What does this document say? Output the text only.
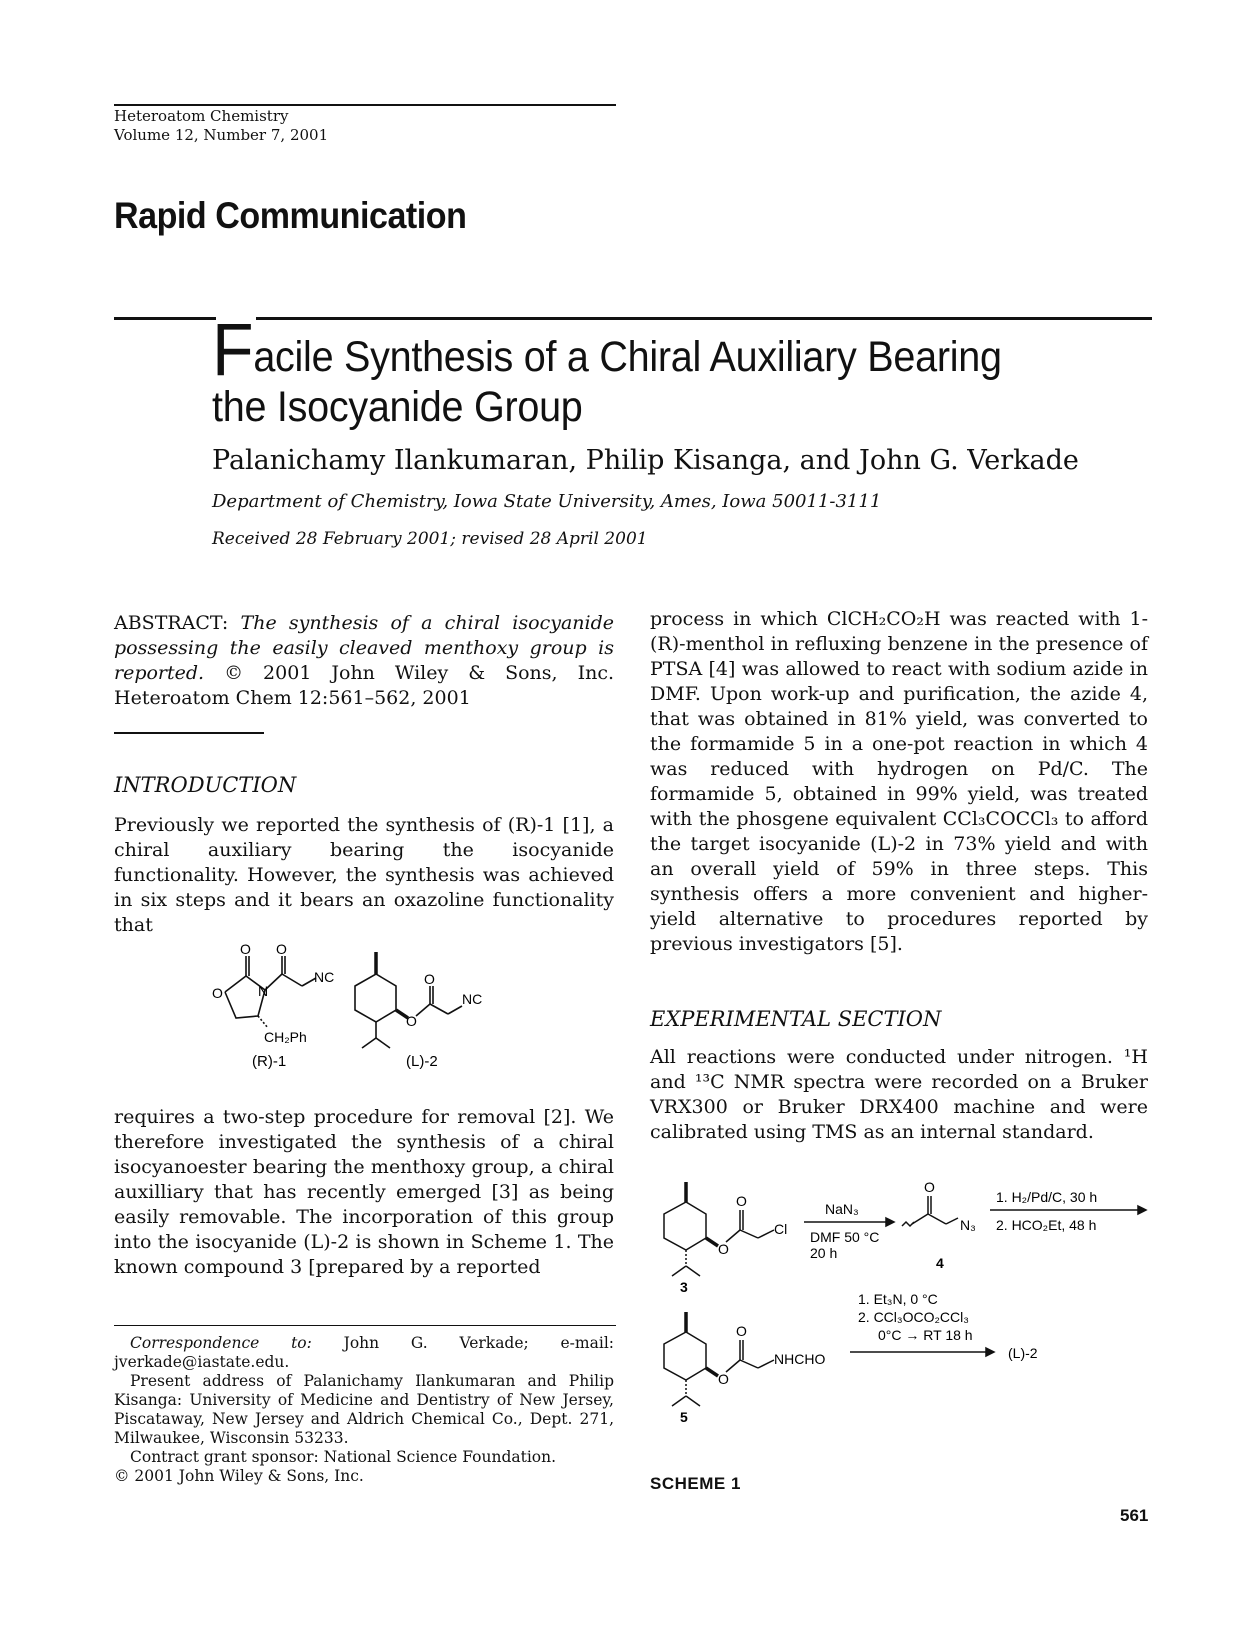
Heteroatom Chemistry
Volume 12, Number 7, 2001
Rapid Communication
Facile Synthesis of a Chiral Auxiliary Bearing
the Isocyanide Group
Palanichamy Ilankumaran, Philip Kisanga, and John G. Verkade
Department of Chemistry, Iowa State University, Ames, Iowa 50011-3111
Received 28 February 2001; revised 28 April 2001
ABSTRACT: The synthesis of a chiral isocyanide possessing the easily cleaved menthoxy group is reported. © 2001 John Wiley & Sons, Inc. Heteroatom Chem 12:561–562, 2001
INTRODUCTION
Previously we reported the synthesis of (R)-1 [1], a chiral auxiliary bearing the isocyanide functionality. However, the synthesis was achieved in six steps and it bears an oxazoline functionality that
O O
O	N
NC
CH₂Ph
O
O
NC
(R)-1	(L)-2
requires a two-step procedure for removal [2]. We therefore investigated the synthesis of a chiral isocyanoester bearing the menthoxy group, a chiral auxilliary that has recently emerged [3] as being easily removable. The incorporation of this group into the isocyanide (L)-2 is shown in Scheme 1. The known compound 3 [prepared by a reported

Correspondence to: John G. Verkade; e-mail: jverkade@iastate.edu.

Present address of Palanichamy Ilankumaran and Philip Kisanga: University of Medicine and Dentistry of New Jersey, Piscataway, New Jersey and Aldrich Chemical Co., Dept. 271, Milwaukee, Wisconsin 53233.

Contract grant sponsor: National Science Foundation.

© 2001 John Wiley & Sons, Inc.

process in which ClCH₂CO₂H was reacted with 1-(R)-menthol in refluxing benzene in the presence of PTSA [4] was allowed to react with sodium azide in DMF. Upon work-up and purification, the azide 4, that was obtained in 81% yield, was converted to the formamide 5 in a one-pot reaction in which 4 was reduced with hydrogen on Pd/C. The formamide 5, obtained in 99% yield, was treated with the phosgene equivalent CCl₃COCCl₃ to afford the target isocyanide (L)-2 in 73% yield and with an overall yield of 59% in three steps. This synthesis offers a more convenient and higher-yield alternative to procedures reported by previous investigators [5].
EXPERIMENTAL SECTION
All reactions were conducted under nitrogen. ¹H and ¹³C NMR spectra were recorded on a Bruker VRX300 or Bruker DRX400 machine and were calibrated using TMS as an internal standard.
O
O
Cl
NaN₃
DMF 50 °C
20 h
O
N₃
1. H₂/Pd/C, 30 h
2. HCO₂Et, 48 h
4
3
O
O
NHCHO
1. Et₃N, 0 °C
2. CCl₃OCO₂CCl₃
0°C → RT 18 h
(L)-2
5
SCHEME 1
561
